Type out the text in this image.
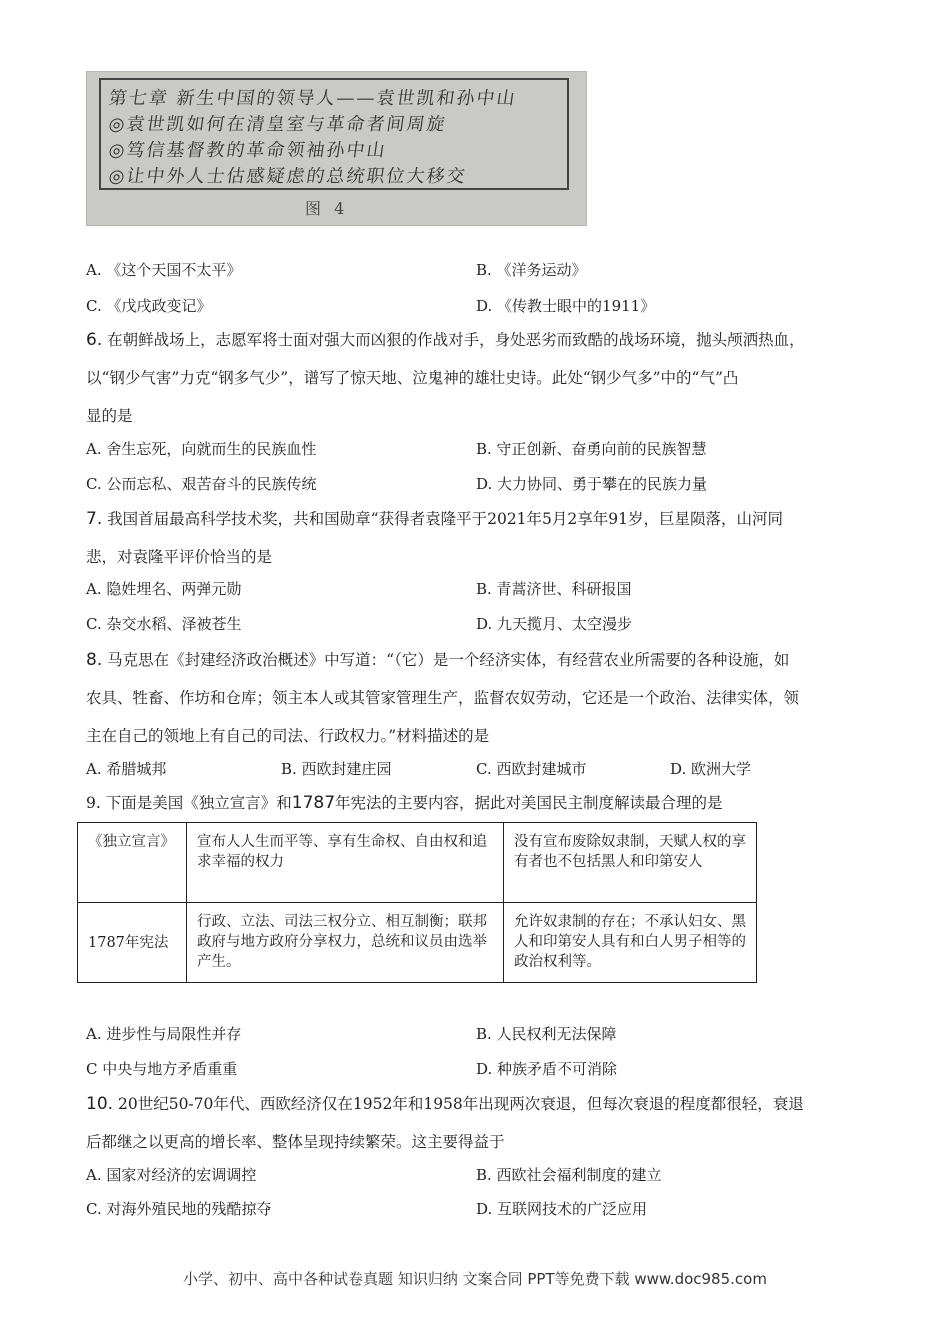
第七章 新生中国的领导人——袁世凯和孙中山
◎袁世凯如何在清皇室与革命者间周旋
◎笃信基督教的革命领袖孙中山
◎让中外人士估感疑虑的总统职位大移交
图 4
A. 《这个天国不太平》	B. 《洋务运动》
C. 《戊戌政变记》	D. 《传教士眼中的1911》
6. 在朝鲜战场上，志愿军将士面对强大而凶狠的作战对手，身处恶劣而致酷的战场环境，抛头颅洒热血，
以“钢少气害”力克“钢多气少”，谱写了惊天地、泣鬼神的雄壮史诗。此处“钢少气多”中的“气”凸
显的是
A. 舍生忘死，向就而生的民族血性	B. 守正创新、奋勇向前的民族智慧
C. 公而忘私、艰苦奋斗的民族传统	D. 大力协同、勇于攀在的民族力量
7. 我国首届最高科学技术奖，共和国勋章“获得者袁隆平于2021年5月2享年91岁，巨星陨落，山河同
悲，对袁隆平评价恰当的是
A. 隐姓埋名、两弹元勋	B. 青蒿济世、科研报国
C. 杂交水稻、泽被苍生	D. 九天揽月、太空漫步
8. 马克思在《封建经济政治概述》中写道：“（它）是一个经济实体，有经营农业所需要的各种设施，如
农具、牲畜、作坊和仓库；领主本人或其管家管理生产，监督农奴劳动，它还是一个政治、法律实体，领
主在自己的领地上有自己的司法、行政权力。”材料描述的是
A. 希腊城邦	B. 西欧封建庄园	C. 西欧封建城市	D. 欧洲大学
9. 下面是美国《独立宣言》和1787年宪法的主要内容，据此对美国民主制度解读最合理的是
《独立宣言》	宣布人人生而平等、享有生命权、自由权和追求幸福的权力	没有宣布废除奴隶制，天赋人权的享有者也不包括黑人和印第安人
1787年宪法	行政、立法、司法三权分立、相互制衡；联邦政府与地方政府分享权力，总统和议员由选举产生。	允许奴隶制的存在；不承认妇女、黑人和印第安人具有和白人男子相等的政治权利等。
A. 进步性与局限性并存	B. 人民权利无法保障
C 中央与地方矛盾重重	D. 种族矛盾不可消除
10. 20世纪50-70年代、西欧经济仅在1952年和1958年出现两次衰退，但每次衰退的程度都很轻，衰退
后都继之以更高的增长率、整体呈现持续繁荣。这主要得益于
A. 国家对经济的宏调调控	B. 西欧社会福利制度的建立
C. 对海外殖民地的残酷掠夺	D. 互联网技术的广泛应用
小学、初中、高中各种试卷真题 知识归纳 文案合同 PPT等免费下载 www.doc985.com
